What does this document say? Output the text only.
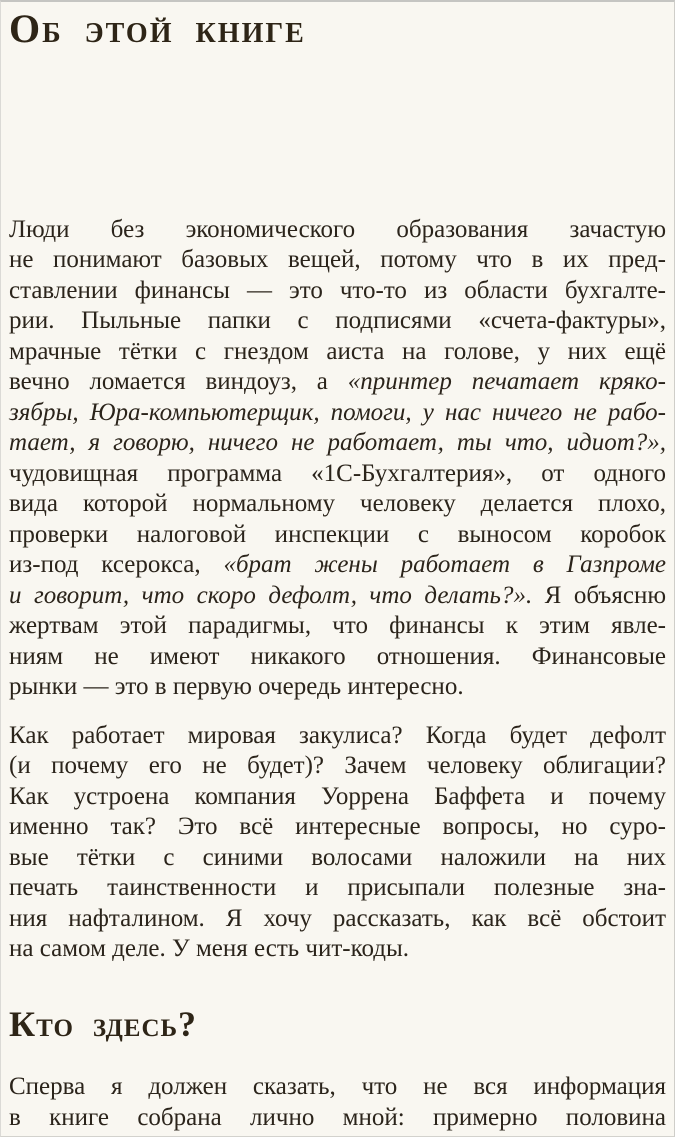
Об этой книге
Люди без экономического образования зачастую
не понимают базовых вещей, потому что в их пред-
ставлении финансы — это что-то из области бухгалте-
рии. Пыльные папки с подписями «счета-фактуры»,
мрачные тётки с гнездом аиста на голове, у них ещё
вечно ломается виндоуз, а «принтер печатает кряко-
зябры, Юра-компьютерщик, помоги, у нас ничего не рабо-
тает, я говорю, ничего не работает, ты что, идиот?»,
чудовищная программа «1С-Бухгалтерия», от одного
вида которой нормальному человеку делается плохо,
проверки налоговой инспекции с выносом коробок
из-под ксерокса, «брат жены работает в Газпроме
и говорит, что скоро дефолт, что делать?». Я объясню
жертвам этой парадигмы, что финансы к этим явле-
ниям не имеют никакого отношения. Финансовые
рынки — это в первую очередь интересно.
Как работает мировая закулиса? Когда будет дефолт
(и почему его не будет)? Зачем человеку облигации?
Как устроена компания Уоррена Баффета и почему
именно так? Это всё интересные вопросы, но суро-
вые тётки с синими волосами наложили на них
печать таинственности и присыпали полезные зна-
ния нафталином. Я хочу рассказать, как всё обстоит
на самом деле. У меня есть чит-коды.
Кто здесь?
Сперва я должен сказать, что не вся информация
в книге собрана лично мной: примерно половина
